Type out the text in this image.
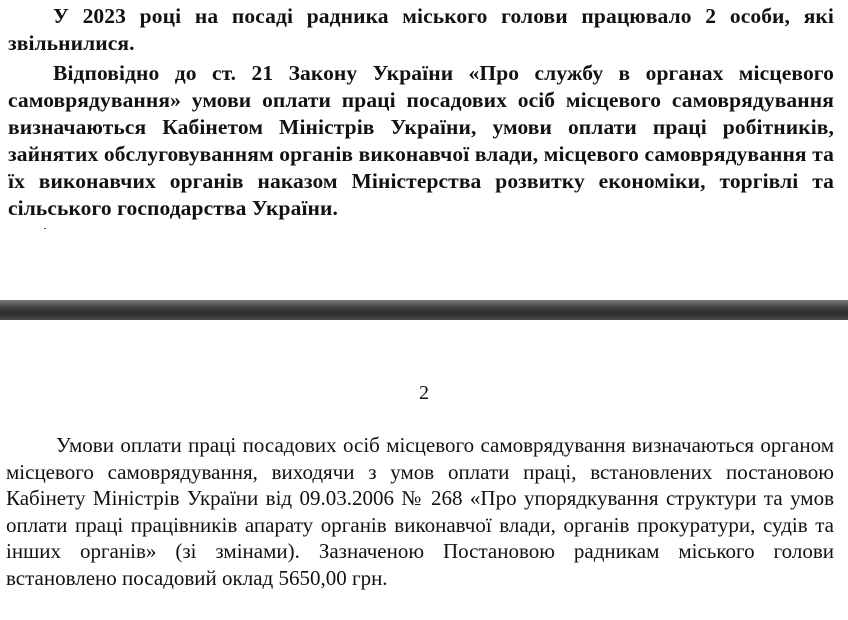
У 2023 році на посаді радника міського голови працювало 2 особи, які звільнилися.

Відповідно до ст. 21 Закону України «Про службу в органах місцевого самоврядування» умови оплати праці посадових осіб місцевого самоврядування визначаються Кабінетом Міністрів України, умови оплати праці робітників, зайнятих обслуговуванням органів виконавчої влади, місцевого самоврядування та їх виконавчих органів наказом Міністерства розвитку економіки, торгівлі та сільського господарства України.

2

Умови оплати праці посадових осіб місцевого самоврядування визначаються органом місцевого самоврядування, виходячи з умов оплати праці, встановлених постановою Кабінету Міністрів України від 09.03.2006 № 268 «Про упорядкування структури та умов оплати праці працівників апарату органів виконавчої влади, органів прокуратури, судів та інших органів» (зі змінами). Зазначеною Постановою радникам міського голови встановлено посадовий оклад 5650,00 грн.
